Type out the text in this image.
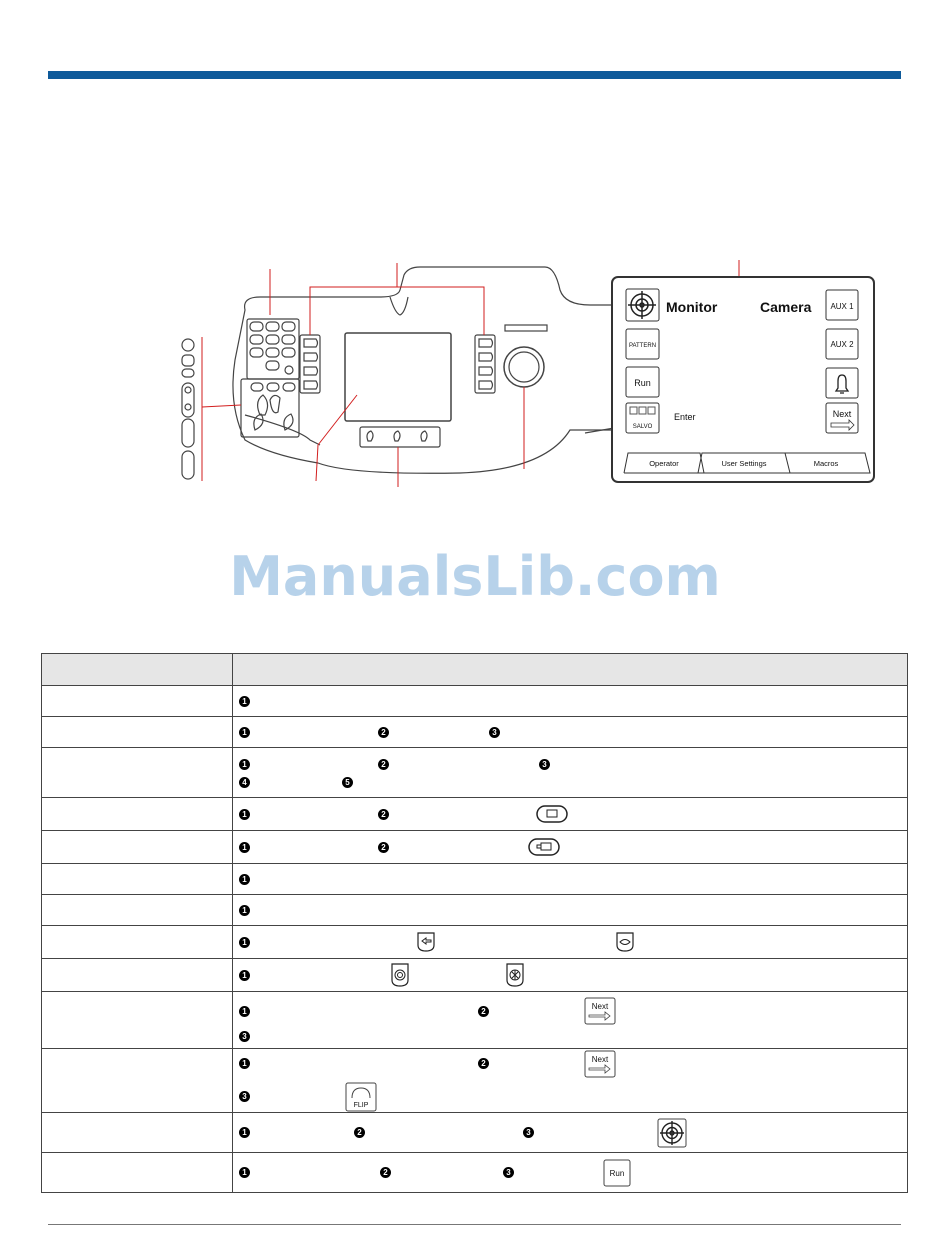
Monitor	Camera AUX 1
PATTERN	AUX 2
Run
SALVO
Enter	Next
Operator	User Settings	Macros
ManualsLib.com

	1
	1 2 3

	1 2 3
4 5

	1 2
	1 2
	1
	1
	1
	1

	1 2 Next
3

	1 2 Next
3
FLIP

	1 2 3
	1 2 3 Run
